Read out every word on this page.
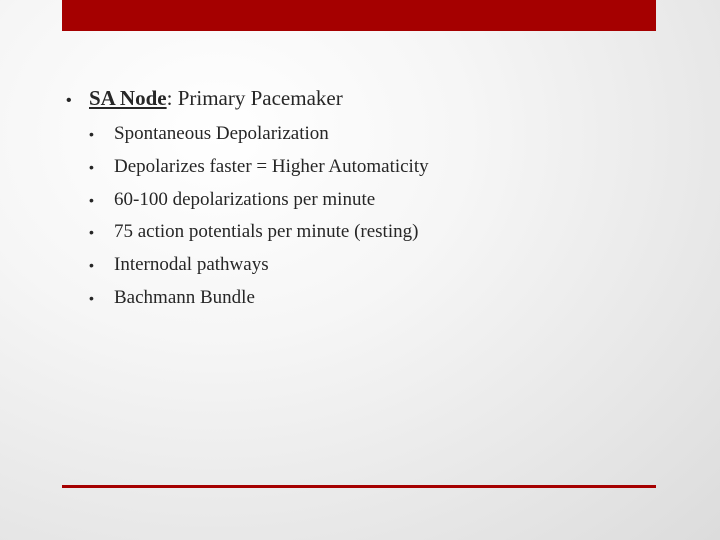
• SA Node: Primary Pacemaker
•	Spontaneous Depolarization
•	Depolarizes faster = Higher Automaticity
•	60-100 depolarizations per minute
•	75 action potentials per minute (resting)
•	Internodal pathways
•	Bachmann Bundle
